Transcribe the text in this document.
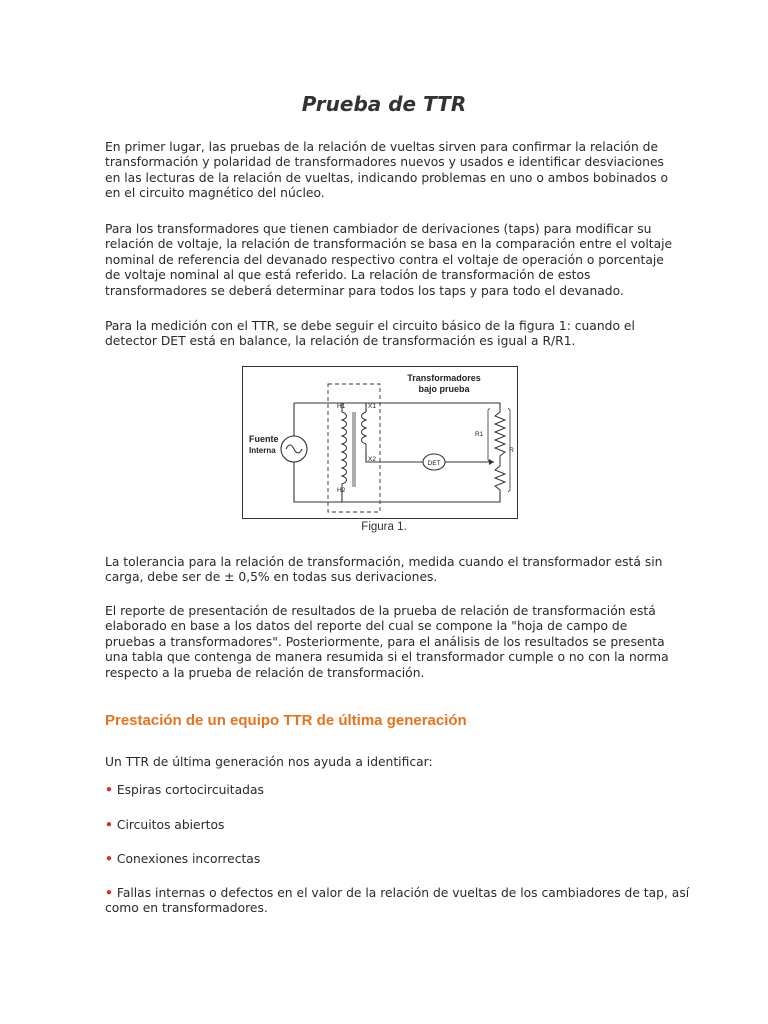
Prueba de TTR

En primer lugar, las pruebas de la relación de vueltas sirven para confirmar la relación de transformación y polaridad de transformadores nuevos y usados e identificar desviaciones en las lecturas de la relación de vueltas, indicando problemas en uno o ambos bobinados o en el circuito magnético del núcleo.

Para los transformadores que tienen cambiador de derivaciones (taps) para modificar su relación de voltaje, la relación de transformación se basa en la comparación entre el voltaje nominal de referencia del devanado respectivo contra el voltaje de operación o porcentaje de voltaje nominal al que está referido. La relación de transformación de estos transformadores se deberá determinar para todos los taps y para todo el devanado.

Para la medición con el TTR, se debe seguir el circuito básico de la figura 1: cuando el detector DET está en balance, la relación de transformación es igual a R/R1.

Transformadores
bajo prueba
Fuente
Interna
H1
H2
X1
X2
DET
R1
R

Figura 1.

La tolerancia para la relación de transformación, medida cuando el transformador está sin carga, debe ser de ± 0,5% en todas sus derivaciones.

El reporte de presentación de resultados de la prueba de relación de transformación está elaborado en base a los datos del reporte del cual se compone la "hoja de campo de pruebas a transformadores". Posteriormente, para el análisis de los resultados se presenta una tabla que contenga de manera resumida si el transformador cumple o no con la norma respecto a la prueba de relación de transformación.

Prestación de un equipo TTR de última generación

Un TTR de última generación nos ayuda a identificar:

• Espiras cortocircuitadas

• Circuitos abiertos

• Conexiones incorrectas

• Fallas internas o defectos en el valor de la relación de vueltas de los cambiadores de tap, así como en transformadores.
